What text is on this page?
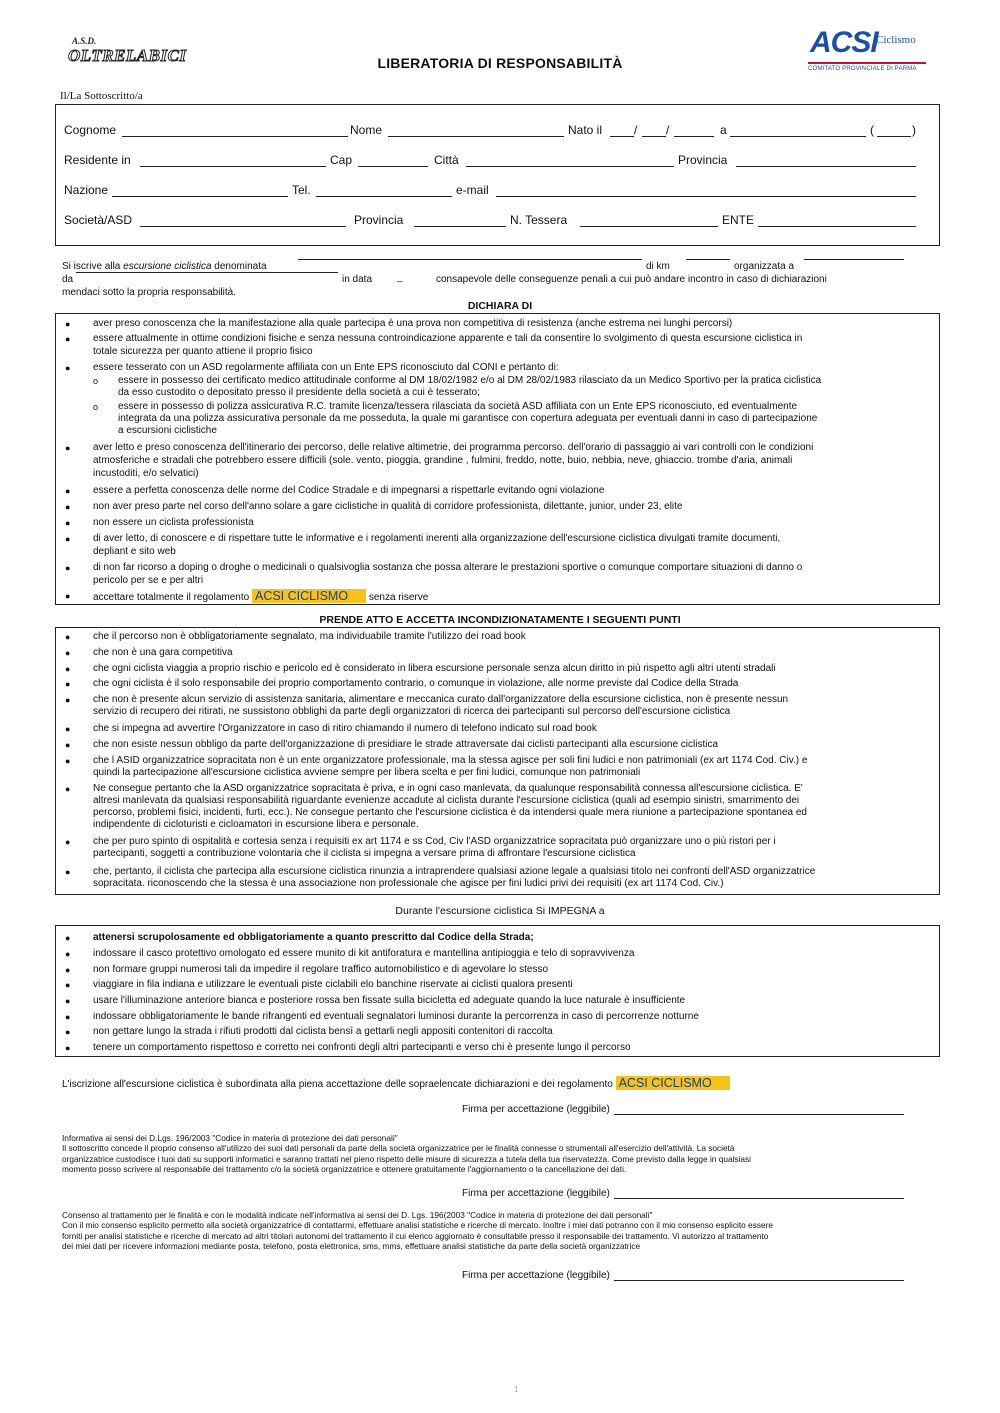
A.S.D.
OLTRELABICI	LIBERATORIA DI RESPONSABILITÀ
ACSI
Ciclismo
COMITATO PROVINCIALE DI PARMA
Il/La Sottoscritto/a
Cognome	Nome	Nato il	/ /	a	(	)
Residente in	Cap	Città	Provincia
Nazione	Tel.	e-mail
Società/ASD	Provincia	N. Tessera	ENTE
Si iscrive alla escursione ciclistica denominata	di km	organizzata a
da	in data _	consapevole delle conseguenze penali a cui può andare incontro in caso di dichiarazioni
mendaci sotto la propria responsabilità.
DICHIARA DI
● aver preso conoscenza che la manifestazione alla quale partecipa è una prova non competitiva di resistenza (anche estrema nei lunghi percorsi)
● essere attualmente in ottime condizioni fisiche e senza nessuna controindicazione apparente e tali da consentire lo svolgimento di questa escursione ciclistica in
totale sicurezza per quanto attiene il proprio fisico
● essere tesserato con un ASD regolarmente affiliata con un Ente EPS riconosciuto dal CONI e pertanto di:
o essere in possesso dei certificato medico attitudinale conforme al DM 18/02/1982 e/o al DM 28/02/1983 rilasciato da un Medico Sportivo per la pratica ciclistica
da esso custodito o depositato presso il presidente della società a cui è tesserato;
o essere in possesso di polizza assicurativa R.C. tramite licenza/tessera rilasciata da società ASD affiliata con un Ente EPS riconosciuto, ed eventualmente
integrata da una polizza assicurativa personale da me posseduta, la quale mi garantisce con copertura adeguata per eventuali danni in caso di partecipazione
a escursioni ciclistiche
● aver letto e preso conoscenza dell'itinerario dei percorso, delle relative altimetrie, dei programma percorso. dell'orario di passaggio ai vari controlli con le condizioni
atmosferiche e stradali che potrebbero essere difficili (sole. vento, pioggia, grandine , fulmini, freddo, notte, buio, nebbia, neve, ghiaccio. trombe d'aria, animali
incustoditi, e/o selvatici)
● essere a perfetta conoscenza delle norme del Codice Stradale e di impegnarsi a rispettarle evitando ogni violazione
● non aver preso parte nel corso dell'anno solare a gare ciclistiche in qualità di corridore professionista, dilettante, junior, under 23, elite
● non essere un ciclista professionista
● di aver letto, di conoscere e di rispettare tutte le informative e i regolamenti inerenti alla organizzazione dell'escursione ciclistica divulgati tramite documenti,
depliant e sito web
● di non far ricorso a doping o droghe o medicinali o qualsivoglia sostanza che possa alterare le prestazioni sportive o comunque comportare situazioni di danno o
pericolo per se e per altri
● accettare totalmente il regolamento ACSI CICLISMO senza riserve
PRENDE ATTO E ACCETTA INCONDIZIONATAMENTE I SEGUENTI PUNTI
● che il percorso non è obbligatoriamente segnalato, ma individuabile tramite l'utilizzo dei road book
● che non è una gara competitiva
● che ogni ciclista viaggia a proprio rischio e pericolo ed è considerato in libera escursione personale senza alcun diritto in più rispetto agli altri utenti stradali
● che ogni ciclista è il solo responsabile dei proprio comportamento contrario, o comunque in violazione, alle norme previste dal Codice della Strada
● che non è presente alcun servizio di assistenza sanitaria, alimentare e meccanica curato dall'organizzatore della escursione ciclistica, non è presente nessun
servizio di recupero dei ritirati, ne sussistono obblighi da parte degli organizzatori di ricerca dei partecipanti sul percorso dell'escursione ciclistica
● che si impegna ad avvertire l'Organizzatore in caso di ritiro chiamando il numero di telefono indicato sul road book
● che non esiste nessun obbligo da parte dell'organizzazione di presidiare le strade attraversate dai ciclisti partecipanti alla escursione ciclistica
● che l ASID organizzatrice sopracitata non è un ente organizzatore professionale, ma la stessa agisce per soli fini ludici e non patrimoniali (ex art 1174 Cod. Civ.) e
quindi la partecipazione all'escursione ciclistica avviene sempre per libera scelta e per fini ludici, comunque non patrimoniali
● Ne consegue pertanto che la ASD organizzatrice sopracitata è priva, e in ogni caso manlevata, da qualunque responsabilità connessa all'escursione ciclistica. E'
altresi manlevata da qualsiasi responsabilità riguardante evenienze accadute al ciclista durante l'escursione ciclistica (quali ad esempio sinistri, smarrimento dei
percorso, problemi fisici, incidenti, furti, ecc.). Ne consegue pertanto che l'escursione ciclistica è da intendersi quale mera riunione a partecipazione spontanea ed
indipendente di cicloturisti e cicloamatori in escursione libera e personale.
● che per puro spinto di ospitalità e cortesia senza i requisiti ex art 1174 e ss Cod, Civ l'ASD organizzatrice sopracitata può organizzare uno o più ristori per i
partecipanti, soggetti a contribuzione volontaria che il ciclista si impegna a versare prima di affrontare l'escursione ciclistica
● che, pertanto, il ciclista che partecipa alla escursione ciclistica rinunzia a intraprendere qualsiasi azione legale a qualsiasi titolo nei confronti dell'ASD organizzatrice
sopracitata. riconoscendo che la stessa è una associazione non professionale che agisce per fini ludici privi dei requisiti (ex art 1174 Cod. Civ.)
Durante l'escursione ciclistica Si IMPEGNA a
● attenersi scrupolosamente ed obbligatoriamente a quanto prescritto dal Codice della Strada;
● indossare il casco protettivo omologato ed essere munito di kit antiforatura e mantellina antipioggia e telo di sopravvivenza
● non formare gruppi numerosi tali da impedire il regolare traffico automobilistico e di agevolare lo stesso
● viaggiare in fila indiana e utilizzare le eventuali piste ciclabili elo banchine riservate ai ciclisti qualora presenti
● usare l'illuminazione anteriore bianca e posteriore rossa ben fissate sulla bicicletta ed adeguate quando la luce naturale è insufficiente
● indossare obbligatoriamente le bande rifrangenti ed eventuali segnalatori luminosi durante la percorrenza in caso di percorrenze notturne
● non gettare lungo la strada i rifiuti prodotti dal ciclista bensì a gettarli negli appositi contenitori di raccolta
● tenere un comportamento rispettoso e corretto nei confronti degli altri partecipanti e verso chi è presente lungo il percorso
L'iscrizione all'escursione ciclistica è subordinata alla piena accettazione delle sopraelencate dichiarazioni e dei regolamento ACSI CICLISMO
Firma per accettazione (leggibile)
Informativa ai sensi dei D.Lgs. 196/2003 "Codice in materia di protezione dei dati personali"
Il sottoscritto concede il proprio consenso all'utilizzo dei suoi dati personali da parte della società organizzatrice per le finalità connesse o strumentali all'esercizio dell'attività. La società
organizzatrice custodisce i tuoi dati su supporti informatici e saranno trattati nel pieno rispetto delle misure di sicurezza a tutela della tua riservatezza. Come previsto dalla legge in qualsiasi
momento posso scrivere al responsabile dei trattamento c/o la società organizzatrice e ottenere gratuitamente l'aggiornamento o la cancellazione dei dati.
Firma per accettazione (leggibile)
Consenso al trattamento per le finalità e con le modalità indicate nell'informativa ai sensi dei D. Lgs. 196(2003 "Codice in materia di protezione dei dati personali"
Con il mio consenso esplicito permetto alla società organizzatrice di contattarmi, effettuare analisi statistiche e ricerche di mercato. Inoltre i miei dati potranno con il mio consenso esplicito essere
forniti per analisi statistiche e ricerche di mercato ad altri titolari autonomi del trattamento il cui elenco aggiornato è consultabile presso il responsabile dei trattamento. Vi autorizzo al trattamento
dei miei dati per ricevere informazioni mediante posta, telefono, posta elettronica, sms, mms, effettuare analisi statistiche da parte della società organizzatrice
Firma per accettazione (leggibile)
1
